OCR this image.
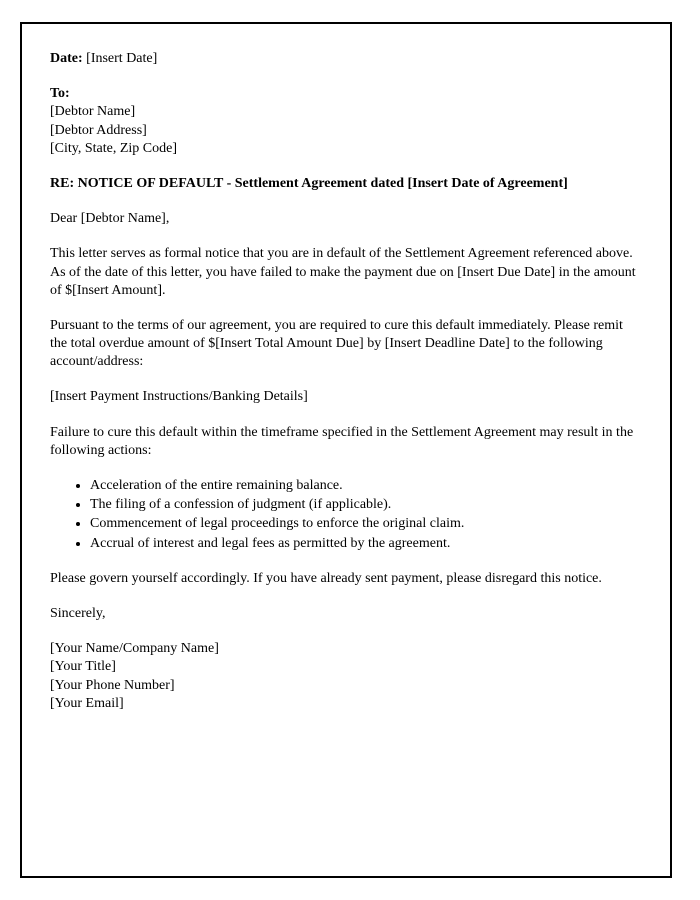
Date: [Insert Date]

To:

[Debtor Name]

[Debtor Address]

[City, State, Zip Code]

RE: NOTICE OF DEFAULT - Settlement Agreement dated [Insert Date of Agreement]

Dear [Debtor Name],

This letter serves as formal notice that you are in default of the Settlement Agreement referenced above. As of the date of this letter, you have failed to make the payment due on [Insert Due Date] in the amount of $[Insert Amount].

Pursuant to the terms of our agreement, you are required to cure this default immediately. Please remit the total overdue amount of $[Insert Total Amount Due] by [Insert Deadline Date] to the following account/address:

[Insert Payment Instructions/Banking Details]

Failure to cure this default within the timeframe specified in the Settlement Agreement may result in the following actions:

• Acceleration of the entire remaining balance.
• The filing of a confession of judgment (if applicable).
• Commencement of legal proceedings to enforce the original claim.
• Accrual of interest and legal fees as permitted by the agreement.

Please govern yourself accordingly. If you have already sent payment, please disregard this notice.

Sincerely,

[Your Name/Company Name]

[Your Title]

[Your Phone Number]

[Your Email]
